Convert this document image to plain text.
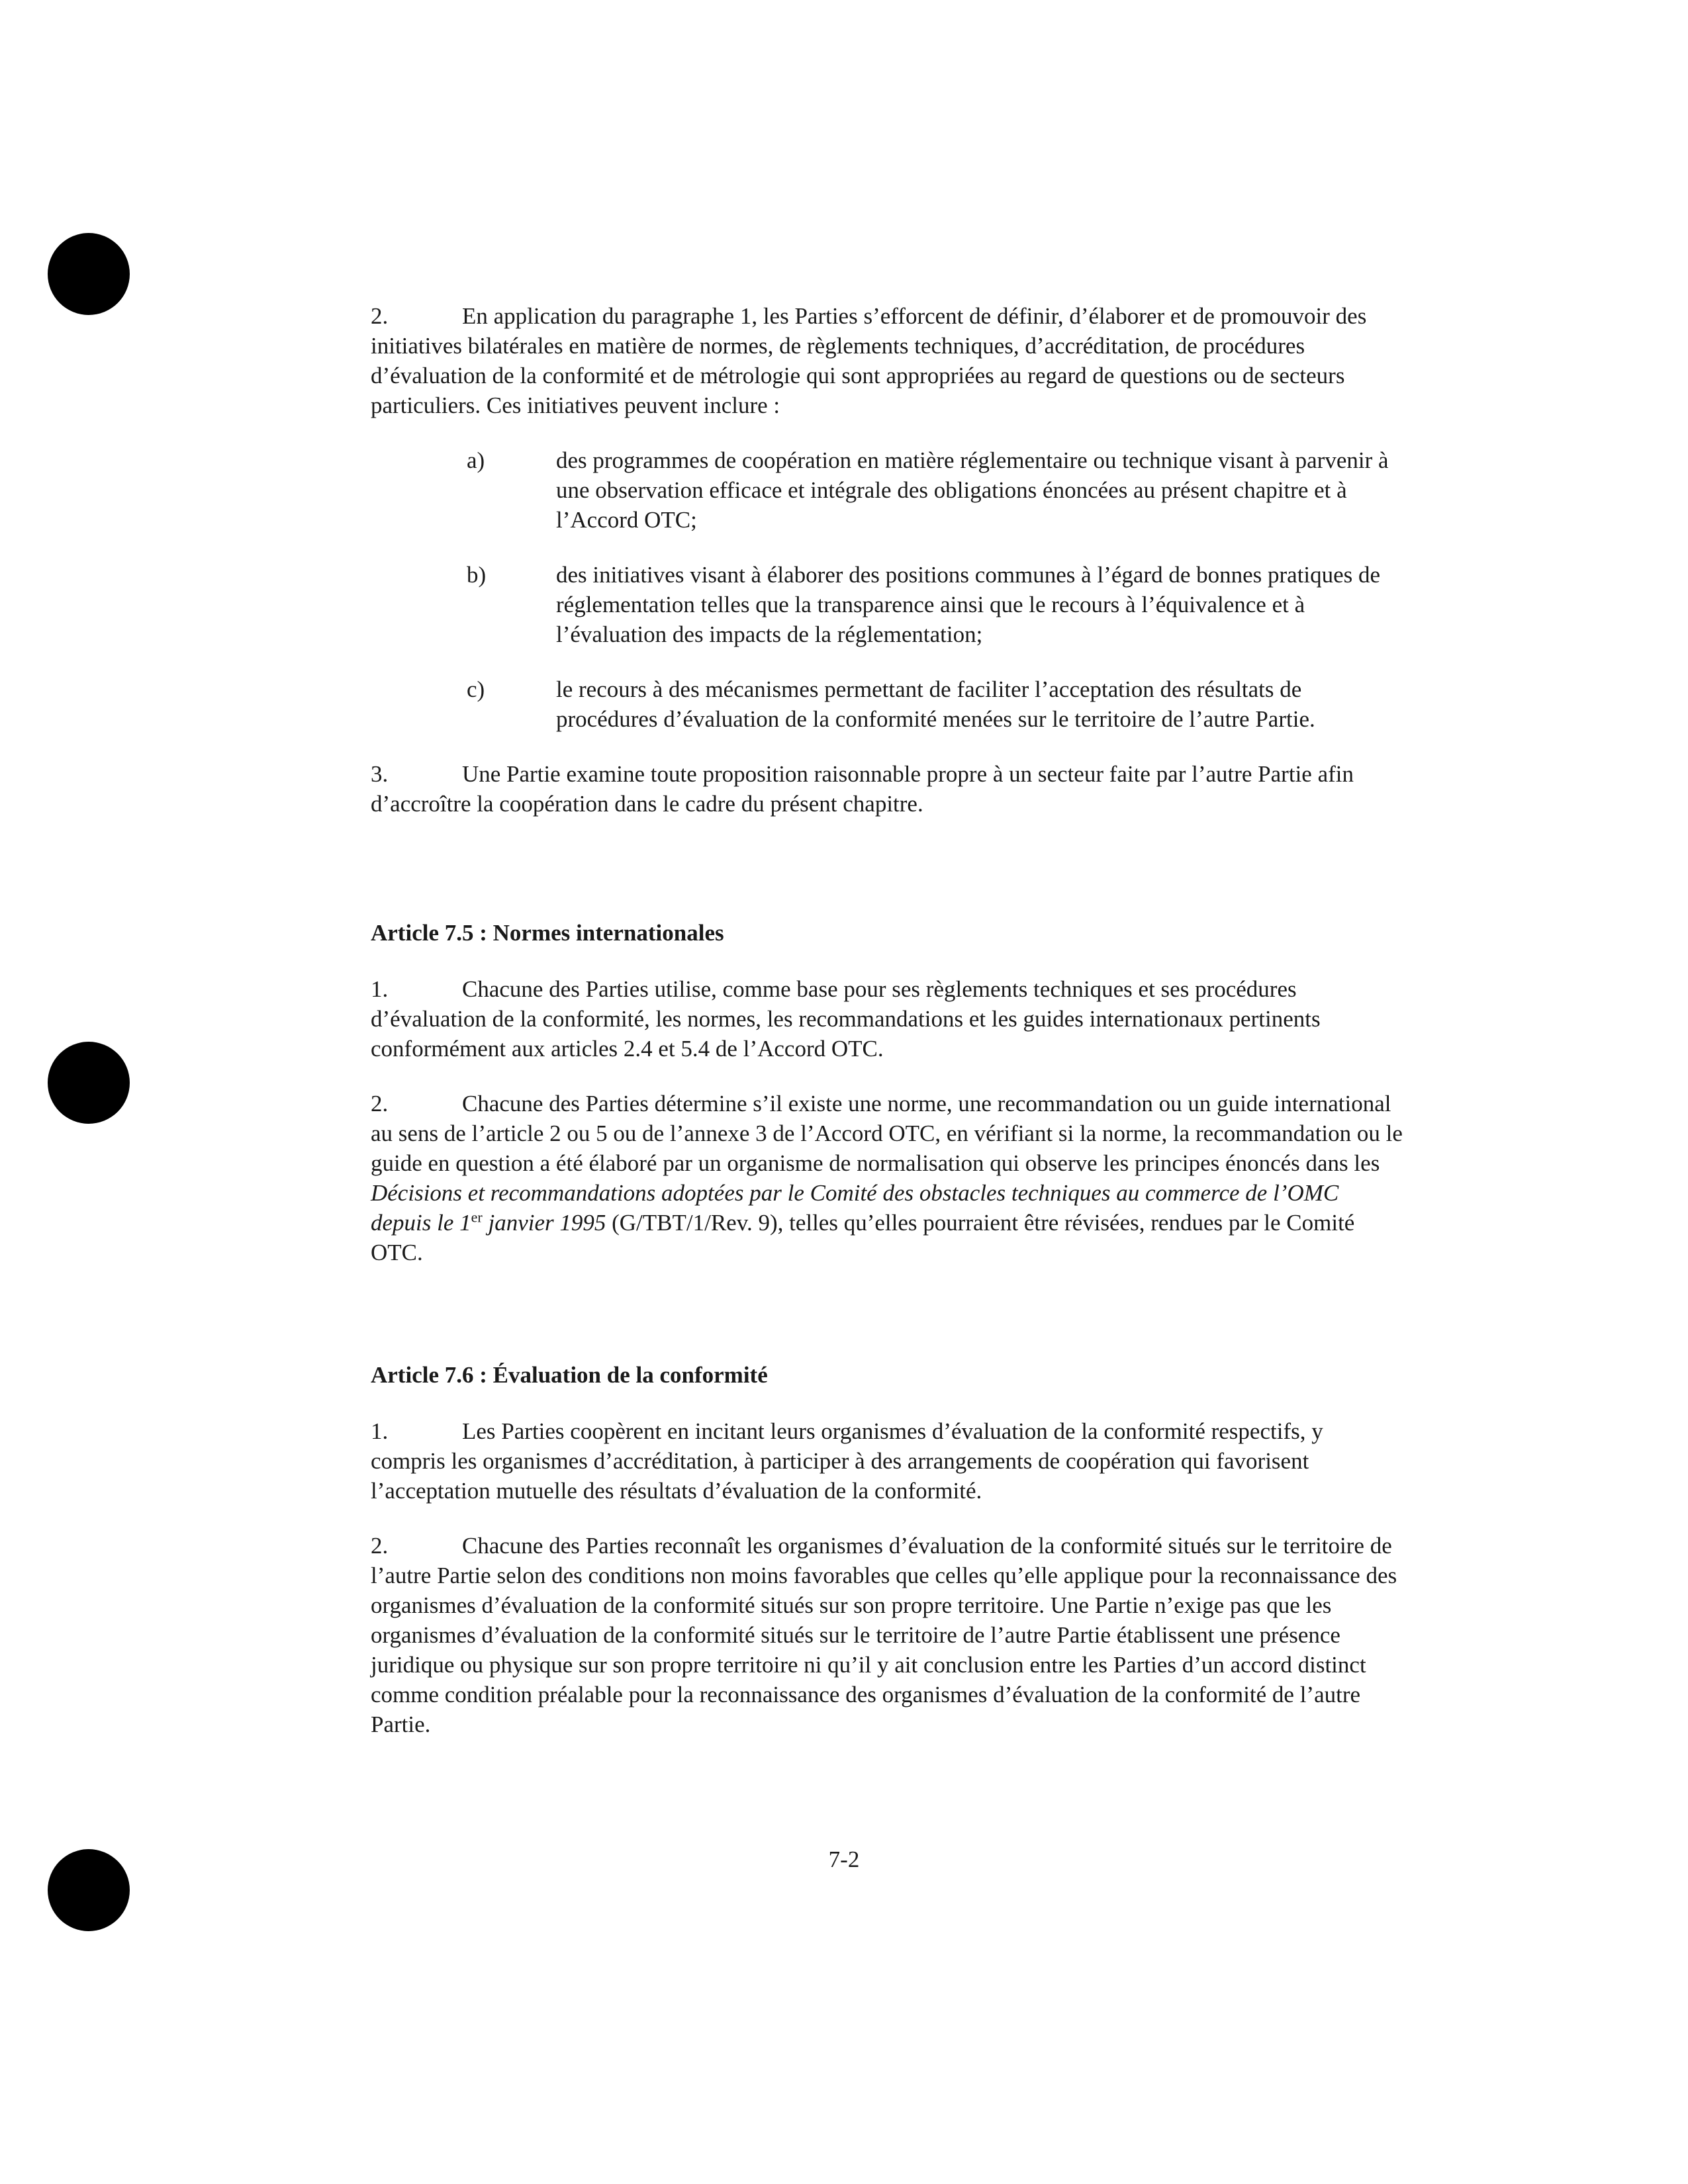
2.	En application du paragraphe 1, les Parties s’efforcent de définir, d’élaborer et de promouvoir des initiatives bilatérales en matière de normes, de règlements techniques, d’accréditation, de procédures d’évaluation de la conformité et de métrologie qui sont appropriées au regard de questions ou de secteurs particuliers. Ces initiatives peuvent inclure :

a)	des programmes de coopération en matière réglementaire ou technique visant à parvenir à une observation efficace et intégrale des obligations énoncées au présent chapitre et à l’Accord OTC;
b)	des initiatives visant à élaborer des positions communes à l’égard de bonnes pratiques de réglementation telles que la transparence ainsi que le recours à l’équivalence et à l’évaluation des impacts de la réglementation;
c)	le recours à des mécanismes permettant de faciliter l’acceptation des résultats de procédures d’évaluation de la conformité menées sur le territoire de l’autre Partie.

3.	Une Partie examine toute proposition raisonnable propre à un secteur faite par l’autre Partie afin d’accroître la coopération dans le cadre du présent chapitre.

Article 7.5 : Normes internationales

1.	Chacune des Parties utilise, comme base pour ses règlements techniques et ses procédures d’évaluation de la conformité, les normes, les recommandations et les guides internationaux pertinents conformément aux articles 2.4 et 5.4 de l’Accord OTC.

2.	Chacune des Parties détermine s’il existe une norme, une recommandation ou un guide international au sens de l’article 2 ou 5 ou de l’annexe 3 de l’Accord OTC, en vérifiant si la norme, la recommandation ou le guide en question a été élaboré par un organisme de normalisation qui observe les principes énoncés dans les Décisions et recommandations adoptées par le Comité des obstacles techniques au commerce de l’OMC depuis le 1er janvier 1995 (G/TBT/1/Rev. 9), telles qu’elles pourraient être révisées, rendues par le Comité OTC.

Article 7.6 : Évaluation de la conformité

1.	Les Parties coopèrent en incitant leurs organismes d’évaluation de la conformité respectifs, y compris les organismes d’accréditation, à participer à des arrangements de coopération qui favorisent l’acceptation mutuelle des résultats d’évaluation de la conformité.

2.	Chacune des Parties reconnaît les organismes d’évaluation de la conformité situés sur le territoire de l’autre Partie selon des conditions non moins favorables que celles qu’elle applique pour la reconnaissance des organismes d’évaluation de la conformité situés sur son propre territoire. Une Partie n’exige pas que les organismes d’évaluation de la conformité situés sur le territoire de l’autre Partie établissent une présence juridique ou physique sur son propre territoire ni qu’il y ait conclusion entre les Parties d’un accord distinct comme condition préalable pour la reconnaissance des organismes d’évaluation de la conformité de l’autre Partie.

7-2
